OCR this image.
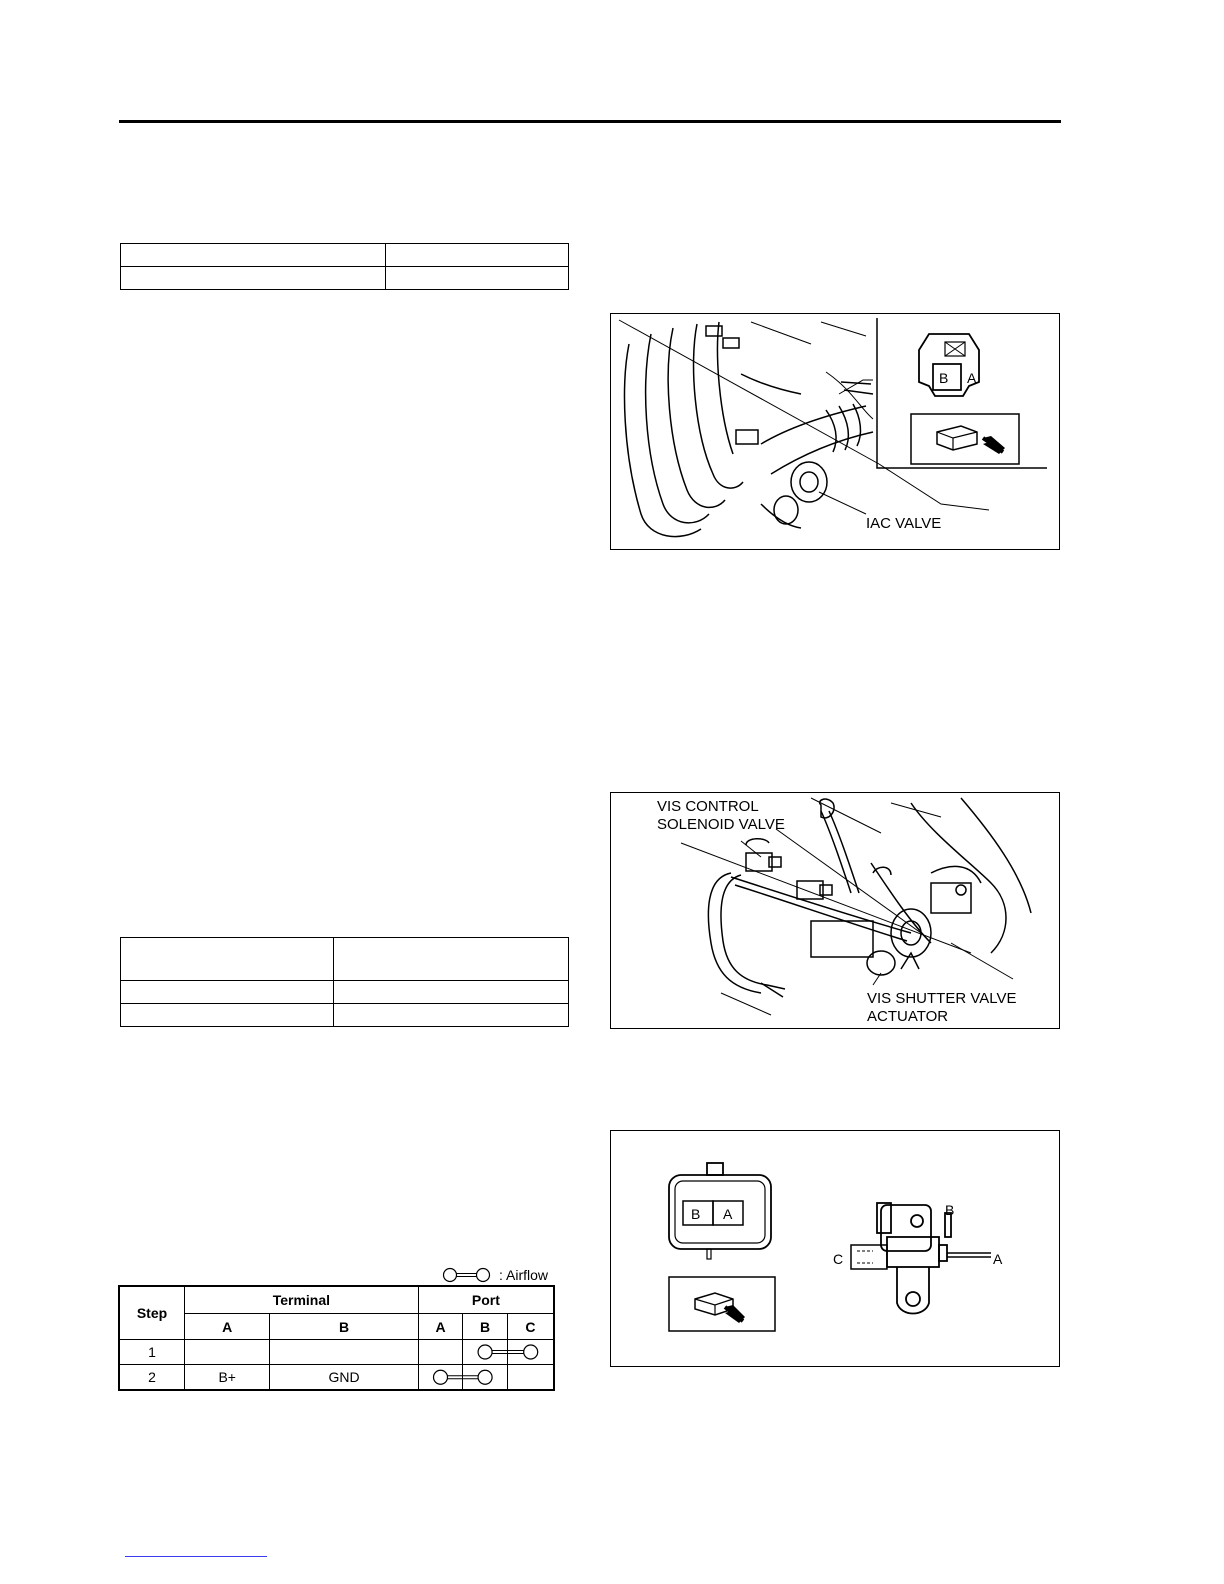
B A
IAC VALVE

VIS CONTROL
SOLENOID VALVE
VIS SHUTTER VALVE
ACTUATOR
B A	B
C	A
: Airflow
Step	Terminal		Port		
	A	B	A	B	C
1					
2	B+	GND			
